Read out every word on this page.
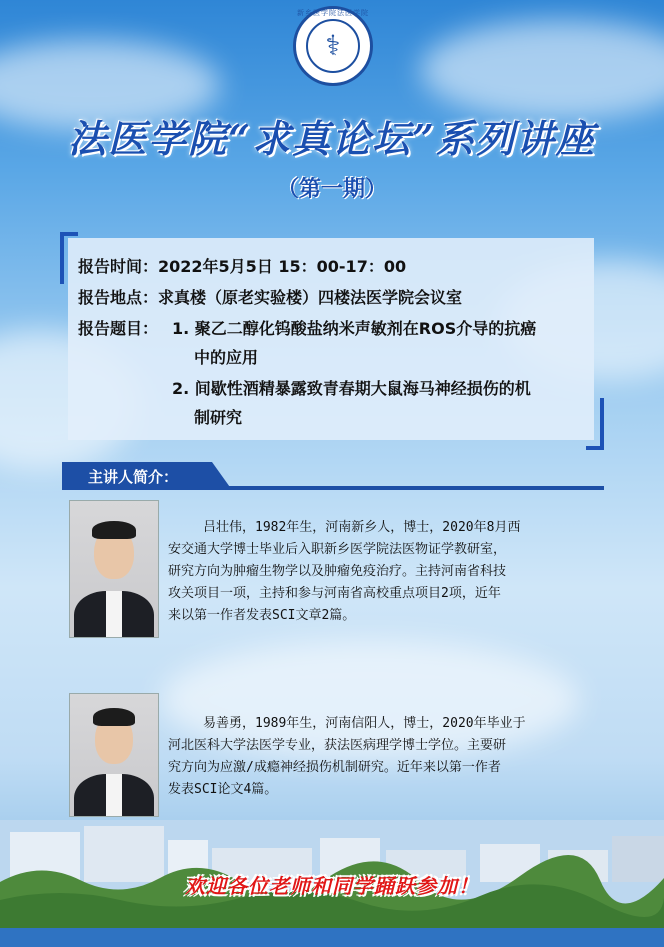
新乡医学院法医学院
⚕
法医学院“求真论坛”系列讲座
（第一期）
报告时间：2022年5月5日 15：00-17：00
报告地点：求真楼（原老实验楼）四楼法医学院会议室
报告题目： 1. 聚乙二醇化钨酸盐纳米声敏剂在ROS介导的抗癌
中的应用
2. 间歇性酒精暴露致青春期大鼠海马神经损伤的机
制研究
主讲人简介：
吕壮伟，1982年生，河南新乡人，博士，2020年8月西
安交通大学博士毕业后入职新乡医学院法医物证学教研室，
研究方向为肿瘤生物学以及肿瘤免疫治疗。主持河南省科技
攻关项目一项，主持和参与河南省高校重点项目2项，近年
来以第一作者发表SCI文章2篇。
易善勇，1989年生，河南信阳人，博士，2020年毕业于
河北医科大学法医学专业，获法医病理学博士学位。主要研
究方向为应激/成瘾神经损伤机制研究。近年来以第一作者
发表SCI论文4篇。
欢迎各位老师和同学踊跃参加！
